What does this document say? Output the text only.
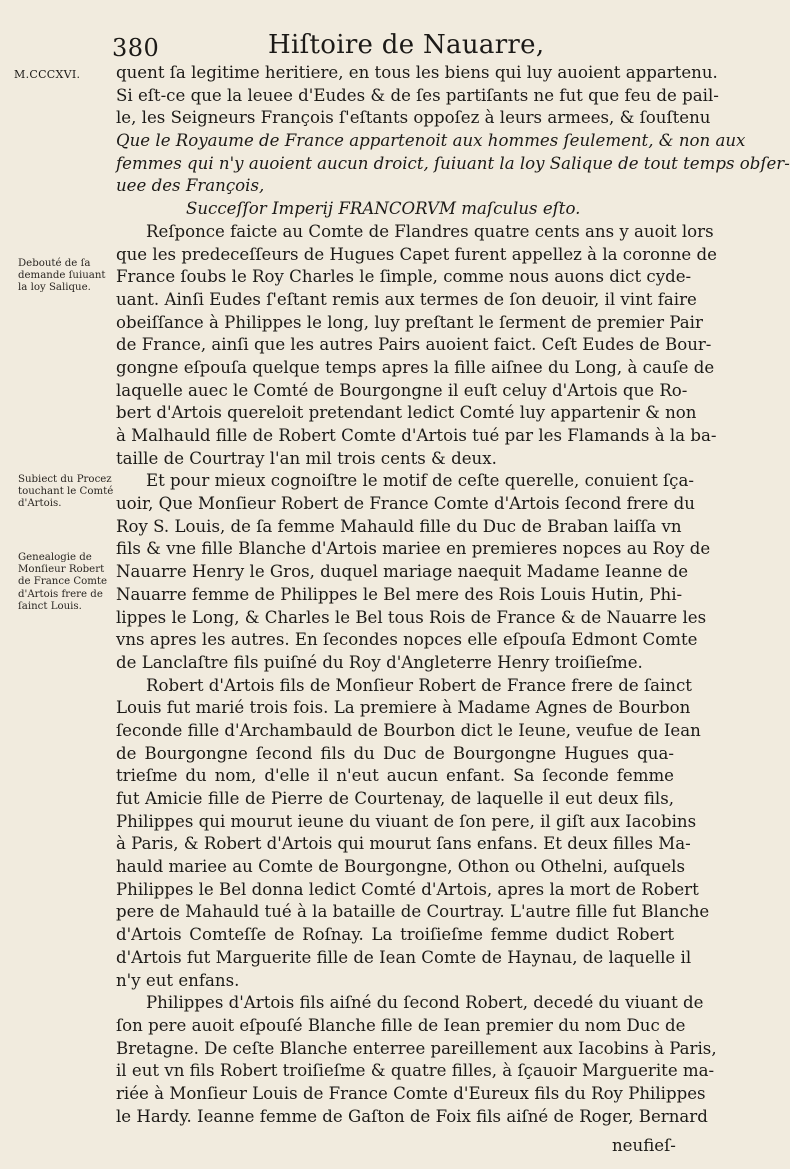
380	Hiſtoire de Nauarre,
M.CCCXVI.
Debouté de ſa demande ſuiuant la loy Salique.
Subiect du Procez touchant le Comté d'Artois.
Genealogie de Monſieur Robert de France Comte d'Artois frere de ſainct Louis.
quent ſa legitime heritiere, en tous les biens qui luy auoient appartenu.
Si eſt-ce que la leuee d'Eudes & de ſes partiſants ne fut que feu de pail-
le, les Seigneurs François ſ'eſtants oppoſez à leurs armees, & ſouſtenu
Que le Royaume de France appartenoit aux hommes ſeulement, & non aux
femmes qui n'y auoient aucun droict, ſuiuant la loy Salique de tout temps obſer-
uee des François,
Succeſſor Imperij FRANCORVM maſculus eſto.
Reſponce faicte au Comte de Flandres quatre cents ans y auoit lors
que les predeceſſeurs de Hugues Capet furent appellez à la coronne de
France ſoubs le Roy Charles le ſimple, comme nous auons dict cyde-
uant. Ainſi Eudes ſ'eſtant remis aux termes de ſon deuoir, il vint faire
obeiſſance à Philippes le long, luy preſtant le ſerment de premier Pair
de France, ainſi que les autres Pairs auoient faict. Ceſt Eudes de Bour-
gongne eſpouſa quelque temps apres la fille aiſnee du Long, à cauſe de
laquelle auec le Comté de Bourgongne il euſt celuy d'Artois que Ro-
bert d'Artois quereloit pretendant ledict Comté luy appartenir & non
à Malhauld fille de Robert Comte d'Artois tué par les Flamands à la ba-
taille de Courtray l'an mil trois cents & deux.
Et pour mieux cognoiſtre le motif de ceſte querelle, conuient ſça-
uoir, Que Monſieur Robert de France Comte d'Artois ſecond frere du
Roy S. Louis, de ſa femme Mahauld fille du Duc de Braban laiſſa vn
fils & vne fille Blanche d'Artois mariee en premieres nopces au Roy de
Nauarre Henry le Gros, duquel mariage naequit Madame Ieanne de
Nauarre femme de Philippes le Bel mere des Rois Louis Hutin, Phi-
lippes le Long, & Charles le Bel tous Rois de France & de Nauarre les
vns apres les autres. En ſecondes nopces elle eſpouſa Edmont Comte
de Lanclaſtre fils puiſné du Roy d'Angleterre Henry troiſieſme.
Robert d'Artois fils de Monſieur Robert de France frere de ſainct
Louis fut marié trois fois. La premiere à Madame Agnes de Bourbon
ſeconde fille d'Archambauld de Bourbon dict le Ieune, veufue de Iean
de Bourgongne ſecond fils du Duc de Bourgongne Hugues qua-
trieſme du nom, d'elle il n'eut aucun enfant. Sa ſeconde femme
fut Amicie fille de Pierre de Courtenay, de laquelle il eut deux fils,
Philippes qui mourut ieune du viuant de ſon pere, il giſt aux Iacobins
à Paris, & Robert d'Artois qui mourut ſans enfans. Et deux filles Ma-
hauld mariee au Comte de Bourgongne, Othon ou Othelni, auſquels
Philippes le Bel donna ledict Comté d'Artois, apres la mort de Robert
pere de Mahauld tué à la bataille de Courtray. L'autre fille fut Blanche
d'Artois Comteſſe de Roſnay. La troiſieſme femme dudict Robert
d'Artois fut Marguerite fille de Iean Comte de Haynau, de laquelle il
n'y eut enfans.
Philippes d'Artois fils aiſné du ſecond Robert, decedé du viuant de
ſon pere auoit eſpouſé Blanche fille de Iean premier du nom Duc de
Bretagne. De ceſte Blanche enterree pareillement aux Iacobins à Paris,
il eut vn fils Robert troiſieſme & quatre filles, à ſçauoir Marguerite ma-
riée à Monſieur Louis de France Comte d'Eureux fils du Roy Philippes
le Hardy. Ieanne femme de Gaſton de Foix fils aiſné de Roger, Bernard
neufieſ-
